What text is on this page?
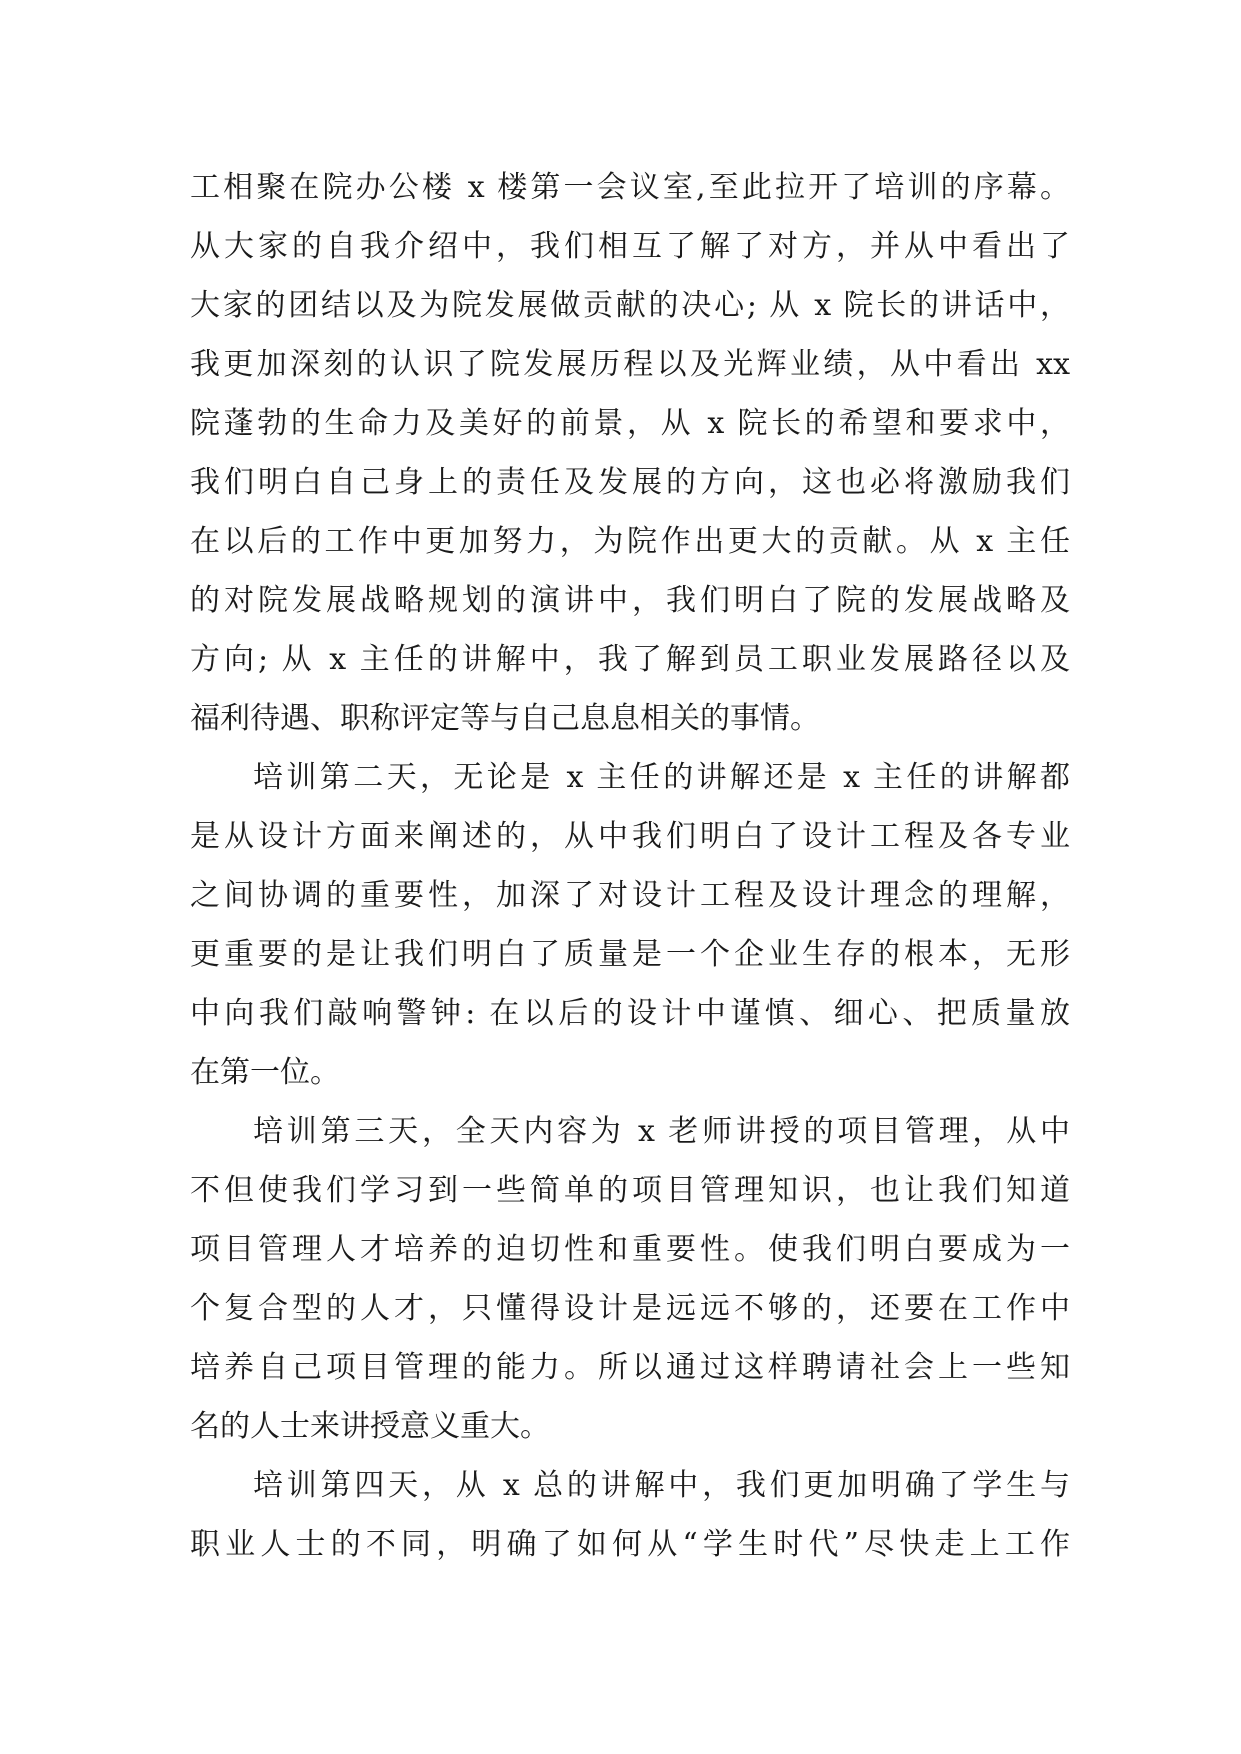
工相聚在院办公楼 x 楼第一会议室,至此拉开了培训的序幕。
从大家的自我介绍中，我们相互了解了对方，并从中看出了
大家的团结以及为院发展做贡献的决心; 从 x 院长的讲话中，
我更加深刻的认识了院发展历程以及光辉业绩，从中看出 xx
院蓬勃的生命力及美好的前景，从 x 院长的希望和要求中，
我们明白自己身上的责任及发展的方向，这也必将激励我们
在以后的工作中更加努力，为院作出更大的贡献。从 x 主任
的对院发展战略规划的演讲中，我们明白了院的发展战略及
方向; 从 x 主任的讲解中，我了解到员工职业发展路径以及
福利待遇、职称评定等与自己息息相关的事情。
培训第二天，无论是 x 主任的讲解还是 x 主任的讲解都
是从设计方面来阐述的，从中我们明白了设计工程及各专业
之间协调的重要性，加深了对设计工程及设计理念的理解，
更重要的是让我们明白了质量是一个企业生存的根本，无形
中向我们敲响警钟: 在以后的设计中谨慎、细心、把质量放
在第一位。
培训第三天，全天内容为 x 老师讲授的项目管理，从中
不但使我们学习到一些简单的项目管理知识，也让我们知道
项目管理人才培养的迫切性和重要性。使我们明白要成为一
个复合型的人才，只懂得设计是远远不够的，还要在工作中
培养自己项目管理的能力。所以通过这样聘请社会上一些知
名的人士来讲授意义重大。
培训第四天，从 x 总的讲解中，我们更加明确了学生与
职业人士的不同，明确了如何从“学生时代”尽快走上工作
